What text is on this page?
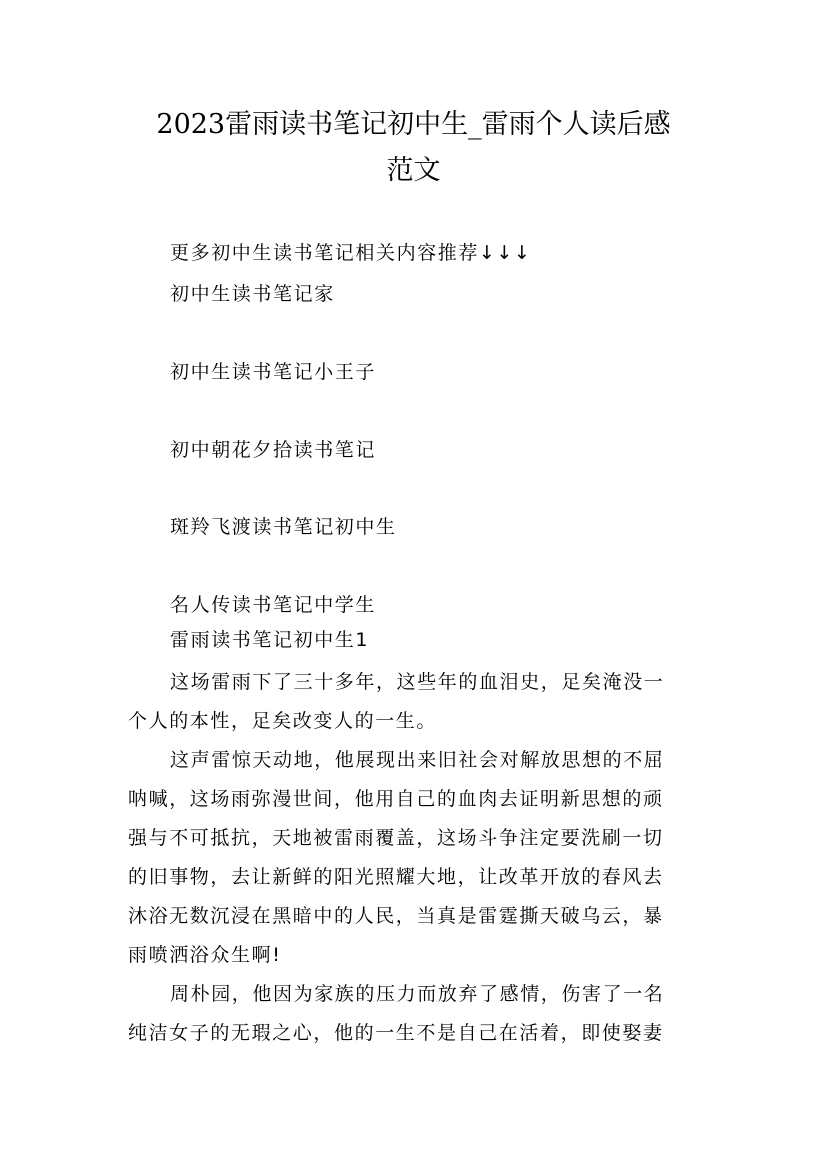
2023雷雨读书笔记初中生_雷雨个人读后感
范文
更多初中生读书笔记相关内容推荐↓↓↓
初中生读书笔记家
初中生读书笔记小王子
初中朝花夕拾读书笔记
斑羚飞渡读书笔记初中生
名人传读书笔记中学生
雷雨读书笔记初中生1
这场雷雨下了三十多年，这些年的血泪史，足矣淹没一
个人的本性，足矣改变人的一生。
这声雷惊天动地，他展现出来旧社会对解放思想的不屈
呐喊，这场雨弥漫世间，他用自己的血肉去证明新思想的顽
强与不可抵抗，天地被雷雨覆盖，这场斗争注定要洗刷一切
的旧事物，去让新鲜的阳光照耀大地，让改革开放的春风去
沐浴无数沉浸在黑暗中的人民，当真是雷霆撕天破乌云，暴
雨喷洒浴众生啊!
周朴园，他因为家族的压力而放弃了感情，伤害了一名
纯洁女子的无瑕之心，他的一生不是自己在活着，即使娶妻
